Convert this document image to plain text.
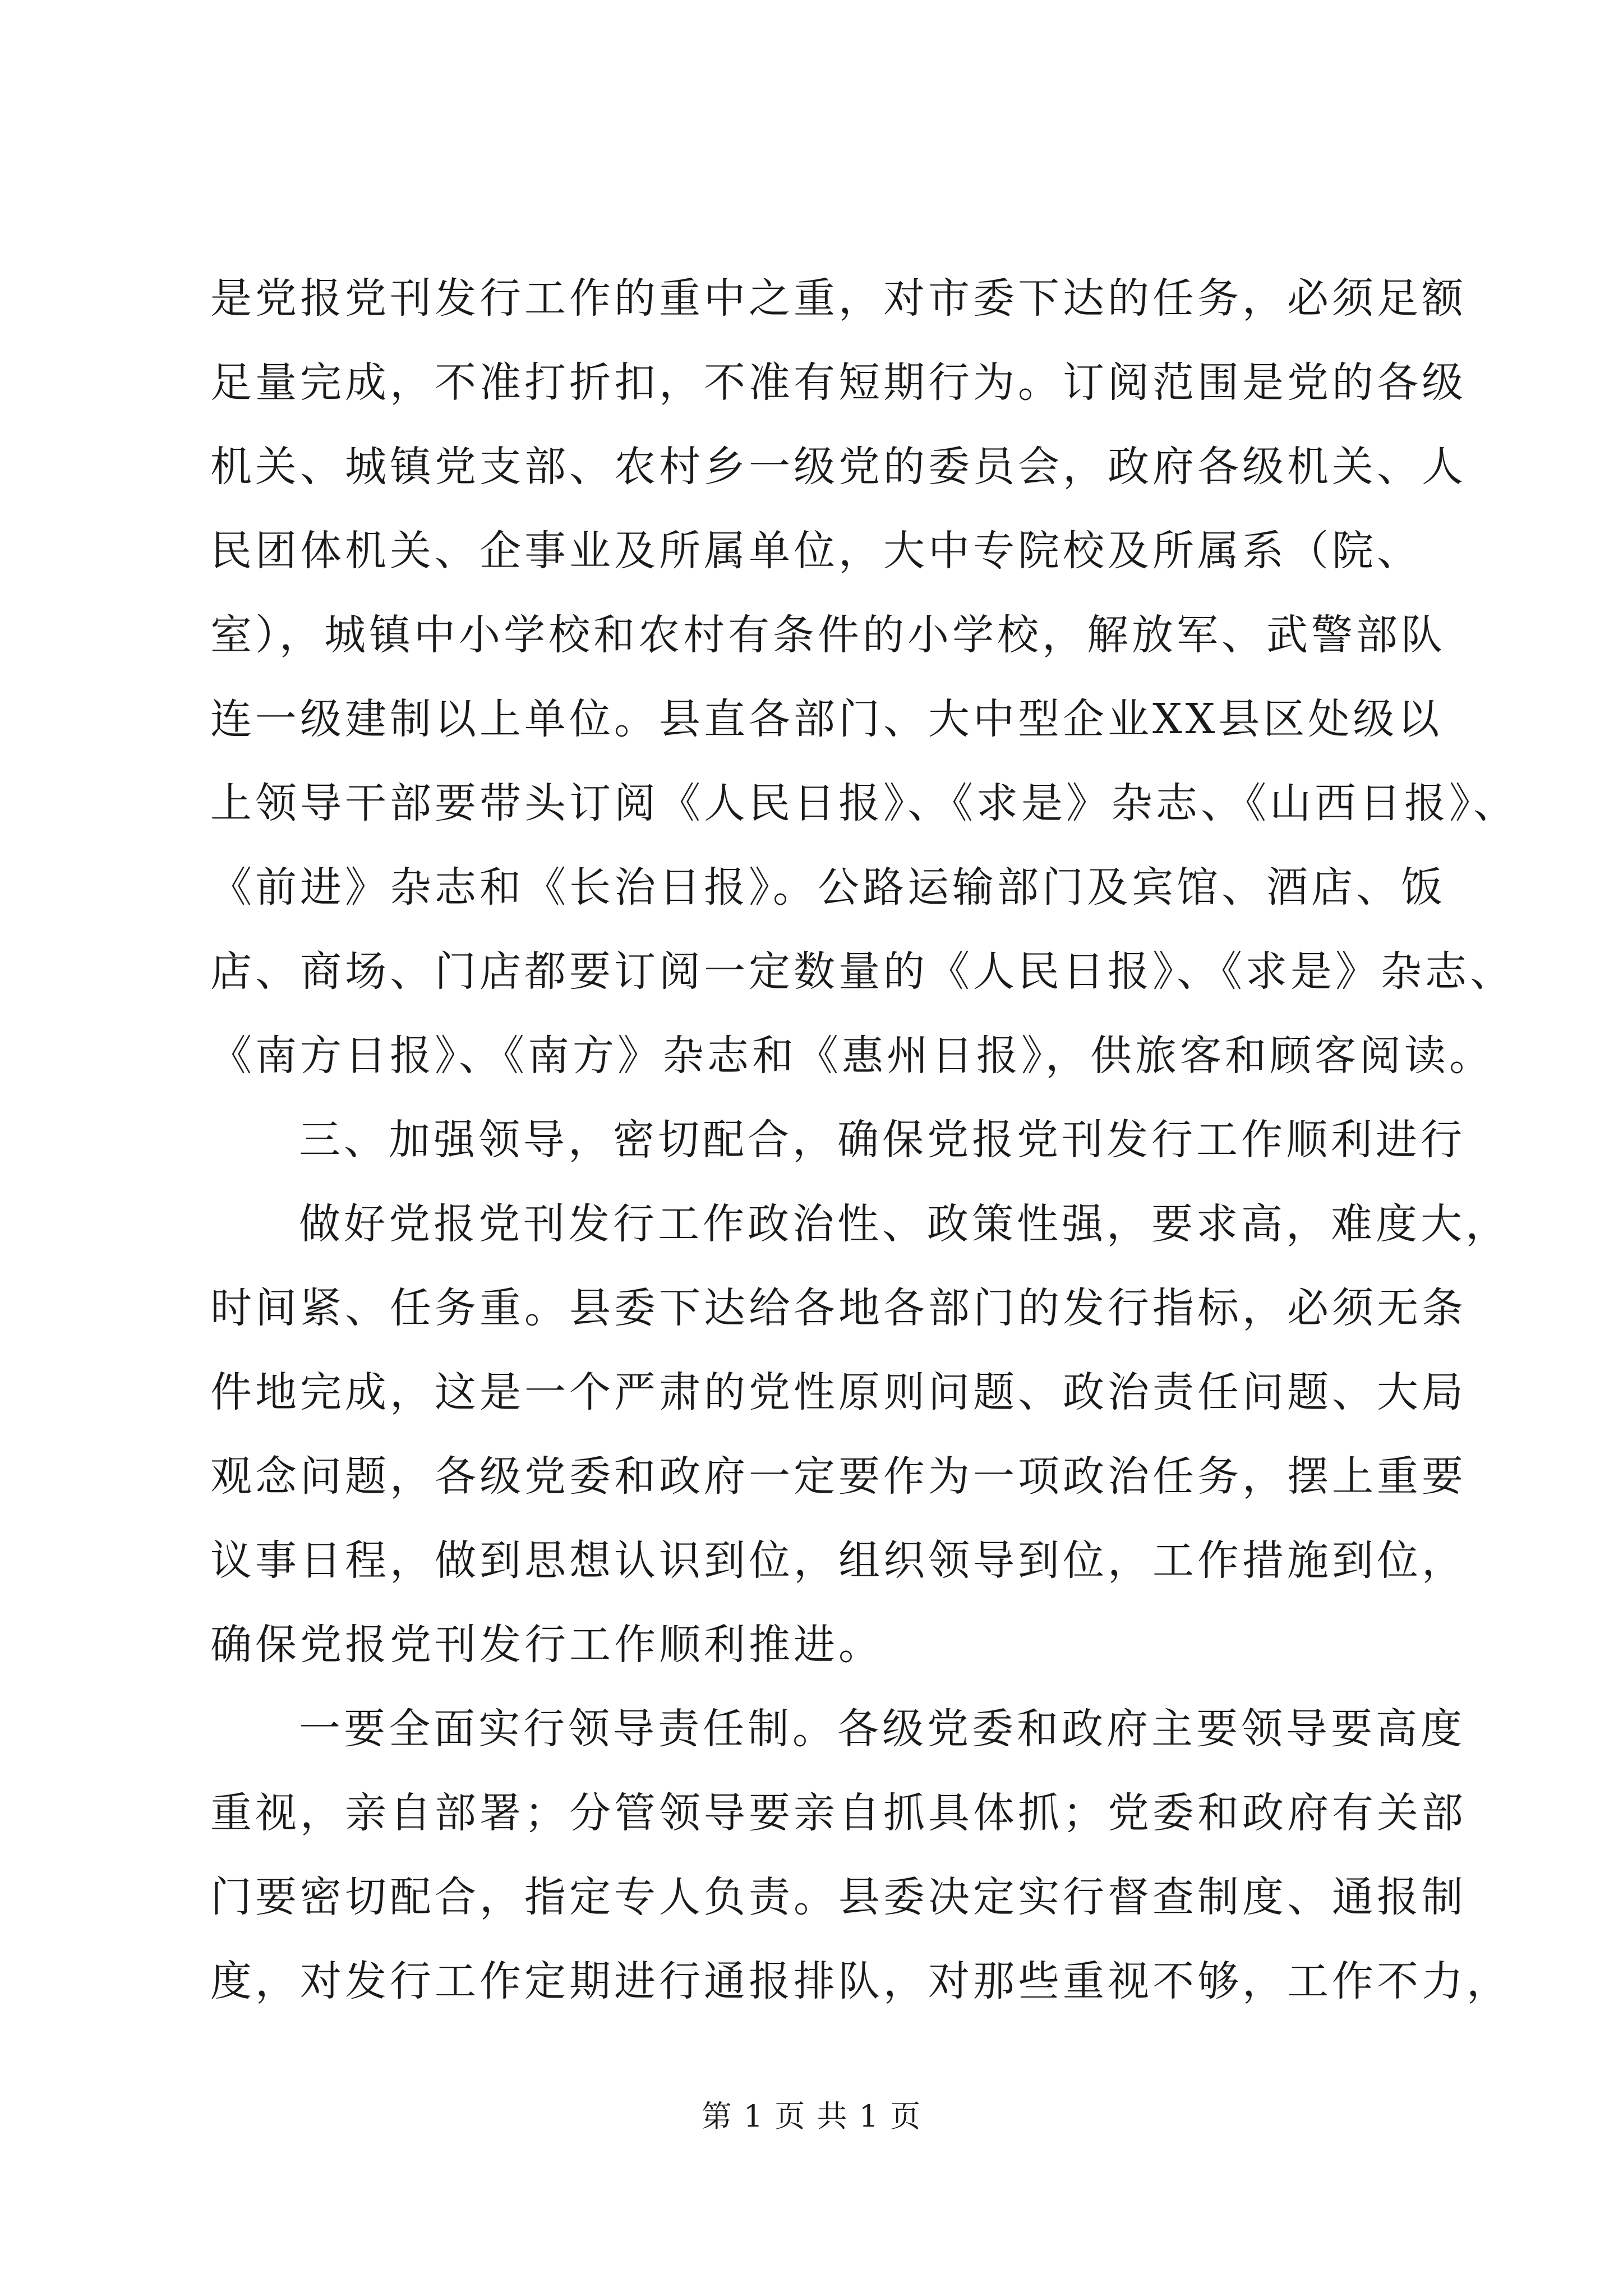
是党报党刊发行工作的重中之重，对市委下达的任务，必须足额
足量完成，不准打折扣，不准有短期行为。订阅范围是党的各级
机关、城镇党支部、农村乡一级党的委员会，政府各级机关、人
民团体机关、企事业及所属单位，大中专院校及所属系（院、
室），城镇中小学校和农村有条件的小学校，解放军、武警部队
连一级建制以上单位。县直各部门、大中型企业XX县区处级以
上领导干部要带头订阅《人民日报》、《求是》杂志、《山西日报》、
《前进》杂志和《长治日报》。公路运输部门及宾馆、酒店、饭
店、商场、门店都要订阅一定数量的《人民日报》、《求是》杂志、
《南方日报》、《南方》杂志和《惠州日报》，供旅客和顾客阅读。
三、加强领导，密切配合，确保党报党刊发行工作顺利进行
做好党报党刊发行工作政治性、政策性强，要求高，难度大，
时间紧、任务重。县委下达给各地各部门的发行指标，必须无条
件地完成，这是一个严肃的党性原则问题、政治责任问题、大局
观念问题，各级党委和政府一定要作为一项政治任务，摆上重要
议事日程，做到思想认识到位，组织领导到位，工作措施到位，
确保党报党刊发行工作顺利推进。
一要全面实行领导责任制。各级党委和政府主要领导要高度
重视，亲自部署；分管领导要亲自抓具体抓；党委和政府有关部
门要密切配合，指定专人负责。县委决定实行督查制度、通报制
度，对发行工作定期进行通报排队，对那些重视不够，工作不力，
第 1 页 共 1 页
